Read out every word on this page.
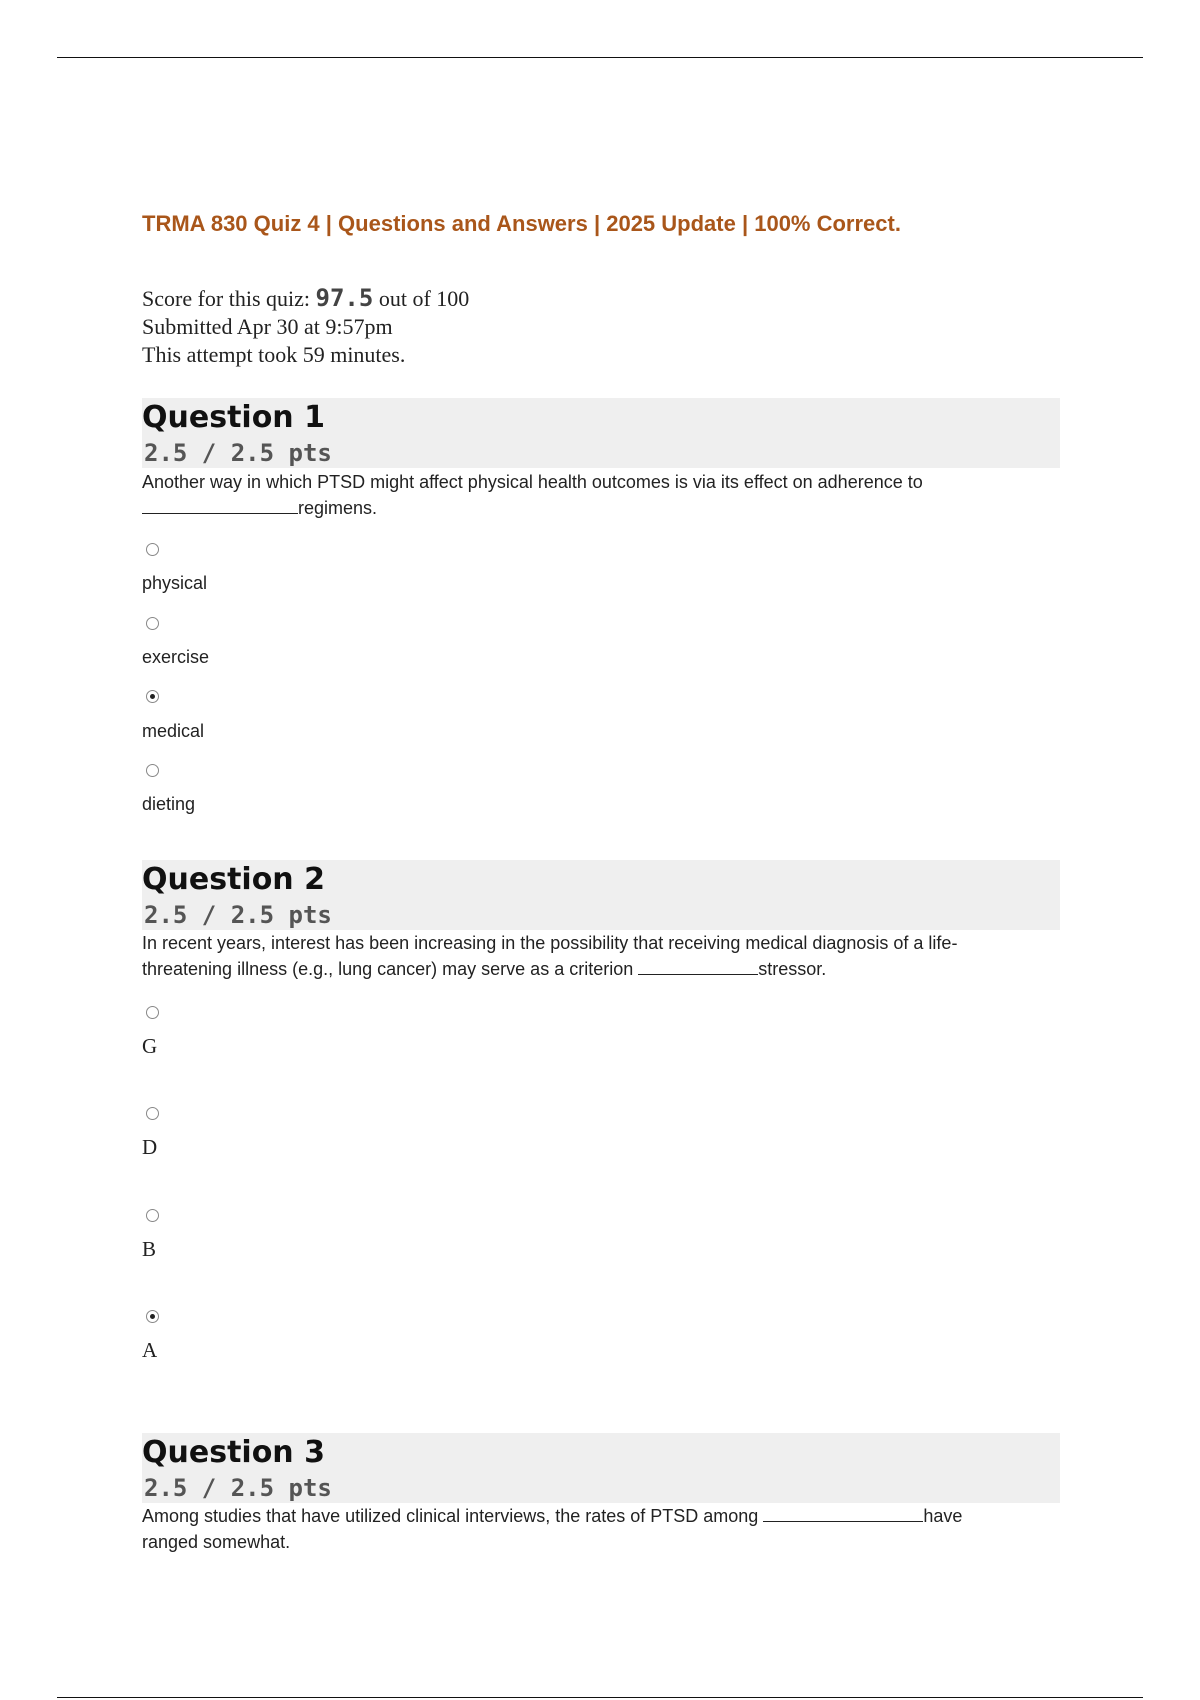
TRMA 830 Quiz 4 | Questions and Answers | 2025 Update | 100% Correct.
Score for this quiz: 97.5 out of 100
Submitted Apr 30 at 9:57pm
This attempt took 59 minutes.
Question 1
2.5 / 2.5 pts
Another way in which PTSD might affect physical health outcomes is via its effect on adherence to
regimens.
physical
exercise
medical
dieting
Question 2
2.5 / 2.5 pts
In recent years, interest has been increasing in the possibility that receiving medical diagnosis of a life-
threatening illness (e.g., lung cancer) may serve as a criterion	stressor.
G
D
B
A
Question 3
2.5 / 2.5 pts
Among studies that have utilized clinical interviews, the rates of PTSD among	have
ranged somewhat.
